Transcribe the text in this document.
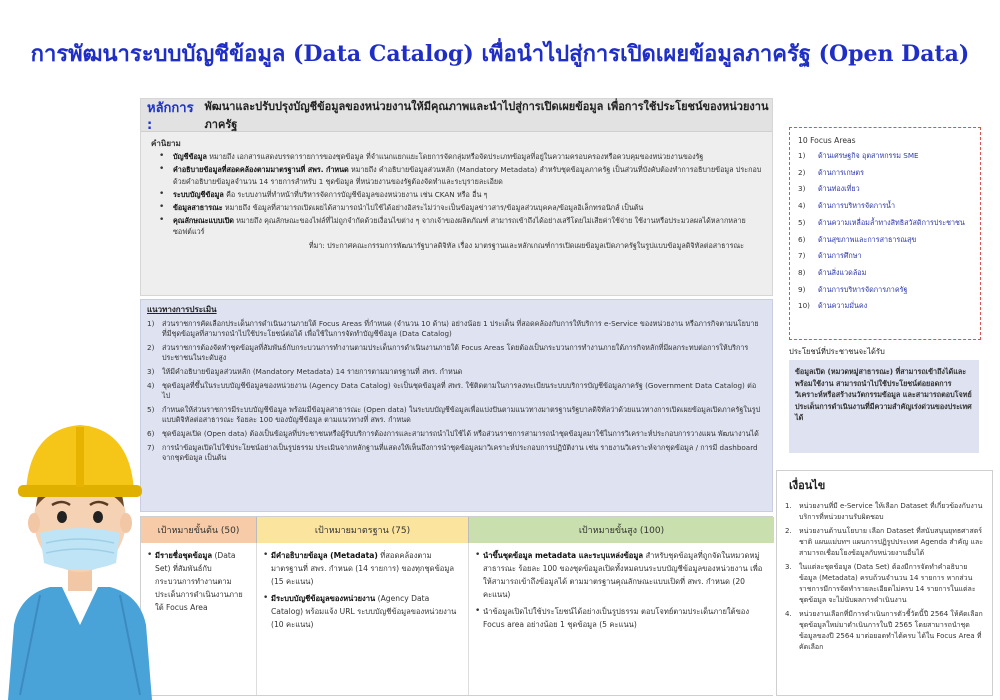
การพัฒนาระบบบัญชีข้อมูล (Data Catalog) เพื่อนำไปสู่การเปิดเผยข้อมูลภาครัฐ (Open Data)
หลักการ :
พัฒนาและปรับปรุงบัญชีข้อมูลของหน่วยงานให้มีคุณภาพและนำไปสู่การเปิดเผยข้อมูล เพื่อการใช้ประโยชน์ของหน่วยงานภาครัฐ
คำนิยาม
• บัญชีข้อมูล หมายถึง เอกสารแสดงบรรดารายการของชุดข้อมูล ที่จำแนกแยกแยะโดยการจัดกลุ่มหรือจัดประเภทข้อมูลที่อยู่ในความครอบครองหรือควบคุมของหน่วยงานของรัฐ
• คำอธิบายข้อมูลที่สอดคล้องตามมาตรฐานที่ สพร. กำหนด หมายถึง คำอธิบายข้อมูลส่วนหลัก (Mandatory Metadata) สำหรับชุดข้อมูลภาครัฐ เป็นส่วนที่บังคับต้องทำการอธิบายข้อมูล ประกอบด้วยคำอธิบายข้อมูลจำนวน 14 รายการสำหรับ 1 ชุดข้อมูล ที่หน่วยงานของรัฐต้องจัดทำและระบุรายละเอียด
• ระบบบัญชีข้อมูล คือ ระบบงานที่ทำหน้าที่บริหารจัดการบัญชีข้อมูลของหน่วยงาน เช่น CKAN หรือ อื่น ๆ
• ข้อมูลสาธารณะ หมายถึง ข้อมูลที่สามารถเปิดเผยได้สามารถนำไปใช้ได้อย่างอิสระไม่ว่าจะเป็นข้อมูลข่าวสาร/ข้อมูลส่วนบุคคล/ข้อมูลอิเล็กทรอนิกส์ เป็นต้น
• คุณลักษณะแบบเปิด หมายถึง คุณลักษณะของไฟล์ที่ไม่ถูกจำกัดด้วยเงื่อนไขต่าง ๆ จากเจ้าของผลิตภัณฑ์ สามารถเข้าถึงได้อย่างเสรีโดยไม่เสียค่าใช้จ่าย ใช้งานหรือประมวลผลได้หลากหลายซอฟต์แวร์
ที่มา: ประกาศคณะกรรมการพัฒนารัฐบาลดิจิทัล เรื่อง มาตรฐานและหลักเกณฑ์การเปิดเผยข้อมูลเปิดภาครัฐในรูปแบบข้อมูลดิจิทัลต่อสาธารณะ
แนวทางการประเมิน
1) ส่วนราชการคัดเลือกประเด็นการดำเนินงานภายใต้ Focus Areas ที่กำหนด (จำนวน 10 ด้าน) อย่างน้อย 1 ประเด็น ที่สอดคล้องกับการให้บริการ e-Service ของหน่วยงาน หรือภารกิจตามนโยบาย ที่มีชุดข้อมูลที่สามารถนำไปใช้ประโยชน์ต่อได้ เพื่อใช้ในการจัดทำบัญชีข้อมูล (Data Catalog)
2) ส่วนราชการต้องจัดทำชุดข้อมูลที่สัมพันธ์กับกระบวนการทำงานตามประเด็นการดำเนินงานภายใต้ Focus Areas โดยต้องเป็นกระบวนการทำงานภายใต้ภารกิจหลักที่มีผลกระทบต่อการให้บริการประชาชนในระดับสูง
3) ให้มีคำอธิบายข้อมูลส่วนหลัก (Mandatory Metadata) 14 รายการตามมาตรฐานที่ สพร. กำหนด
4) ชุดข้อมูลที่ขึ้นในระบบบัญชีข้อมูลของหน่วยงาน (Agency Data Catalog) จะเป็นชุดข้อมูลที่ สพร. ใช้ติดตามในการลงทะเบียนระบบบริการบัญชีข้อมูลภาครัฐ (Government Data Catalog) ต่อไป
5) กำหนดให้ส่วนราชการมีระบบบัญชีข้อมูล พร้อมมีข้อมูลสาธารณะ (Open data) ในระบบบัญชีข้อมูลเพื่อแบ่งปันตามแนวทางมาตรฐานรัฐบาลดิจิทัลว่าด้วยแนวทางการเปิดเผยข้อมูลเปิดภาครัฐในรูปแบบดิจิทัลต่อสาธารณะ ร้อยละ 100 ของบัญชีข้อมูล ตามแนวทางที่ สพร. กำหนด
6) ชุดข้อมูลเปิด (Open data) ต้องเป็นข้อมูลที่ประชาชนหรือผู้รับบริการต้องการและสามารถนำไปใช้ได้ หรือส่วนราชการสามารถนำชุดข้อมูลมาใช้ในการวิเคราะห์ประกอบการวางแผน พัฒนางานได้
7) การนำข้อมูลเปิดไปใช้ประโยชน์อย่างเป็นรูปธรรม ประเมินจากหลักฐานที่แสดงให้เห็นถึงการนำชุดข้อมูลมาวิเคราะห์ประกอบการปฏิบัติงาน เช่น รายงานวิเคราะห์จากชุดข้อมูล / การมี dashboard จากชุดข้อมูล เป็นต้น
เป้าหมายขั้นต้น (50)	เป้าหมายมาตรฐาน (75)	เป้าหมายขั้นสูง (100)
• มีรายชื่อชุดข้อมูล (Data Set) ที่สัมพันธ์กับกระบวนการทำงานตามประเด็นการดำเนินงานภายใต้ Focus Area
• มีคำอธิบายข้อมูล (Metadata) ที่สอดคล้องตามมาตรฐานที่ สพร. กำหนด (14 รายการ) ของทุกชุดข้อมูล (15 คะแนน)
• มีระบบบัญชีข้อมูลของหน่วยงาน (Agency Data Catalog) พร้อมแจ้ง URL ระบบบัญชีข้อมูลของหน่วยงาน (10 คะแนน)
• นำขึ้นชุดข้อมูล metadata และระบุแหล่งข้อมูล สำหรับชุดข้อมูลที่ถูกจัดในหมวดหมู่สาธารณะ ร้อยละ 100 ของชุดข้อมูลเปิดทั้งหมดบนระบบบัญชีข้อมูลของหน่วยงาน เพื่อให้สามารถเข้าถึงข้อมูลได้ ตามมาตรฐานคุณลักษณะแบบเปิดที่ สพร. กำหนด (20 คะแนน)
• นำข้อมูลเปิดไปใช้ประโยชน์ได้อย่างเป็นรูปธรรม ตอบโจทย์ตามประเด็นภายใต้ของ Focus area อย่างน้อย 1 ชุดข้อมูล (5 คะแนน)
10 Focus Areas
1) ด้านเศรษฐกิจ อุตสาหกรรม SME
2) ด้านการเกษตร
3) ด้านท่องเที่ยว
4) ด้านการบริหารจัดการน้ำ
5) ด้านความเหลื่อมล้ำทางสิทธิสวัสดิการประชาชน
6) ด้านสุขภาพและการสาธารณสุข
7) ด้านการศึกษา
8) ด้านสิ่งแวดล้อม
9) ด้านการบริหารจัดการภาครัฐ
10) ด้านความมั่นคง
ประโยชน์ที่ประชาชนจะได้รับ
ข้อมูลเปิด (หมวดหมู่สาธารณะ) ที่สามารถเข้าถึงได้และพร้อมใช้งาน สามารถนำไปใช้ประโยชน์ต่อยอดการวิเคราะห์หรือสร้างนวัตกรรมข้อมูล และสามารถตอบโจทย์ประเด็นการดำเนินงานที่มีความสำคัญเร่งด่วนของประเทศได้
1. หน่วยงานที่มี e-Service ให้เลือก Dataset ที่เกี่ยวข้องกับงานบริการที่หน่วยงานรับผิดชอบ
2. หน่วยงานด้านนโยบาย เลือก Dataset ที่สนับสนุนยุทธศาสตร์ชาติ แผนแม่บทฯ แผนการปฏิรูปประเทศ Agenda สำคัญ และสามารถเชื่อมโยงข้อมูลกับหน่วยงานอื่นได้
3. ในแต่ละชุดข้อมูล (Data Set) ต้องมีการจัดทำคำอธิบายข้อมูล (Metadata) ครบถ้วนจำนวน 14 รายการ หากส่วนราชการมีการจัดทำรายละเอียดไม่ครบ 14 รายการในแต่ละชุดข้อมูล จะไม่นับผลการดำเนินงาน
4. หน่วยงานเลือกที่มีการดำเนินการตัวชี้วัดนี้ปี 2564 ให้คัดเลือกชุดข้อมูลใหม่มาดำเนินการในปี 2565 โดยสามารถนำชุดข้อมูลของปี 2564 มาต่อยอดทำได้ครบ ได้ใน Focus Area ที่คัดเลือก
เงื่อนไข
